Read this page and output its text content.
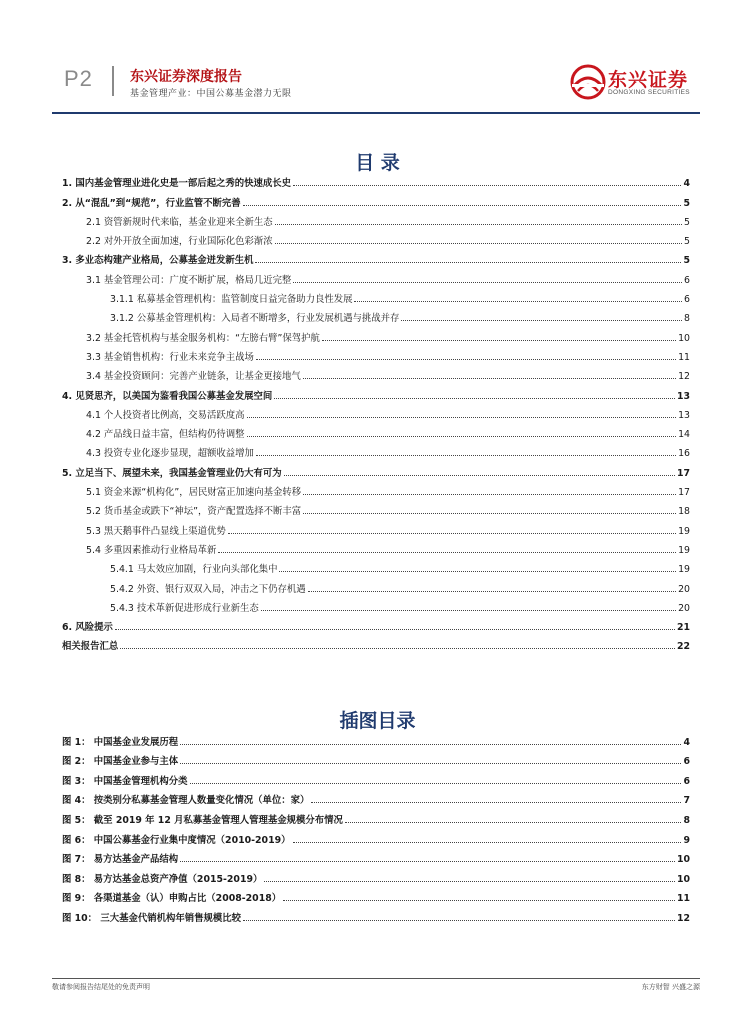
P2	东兴证券深度报告
基金管理产业：中国公募基金潜力无限
东兴证券
DONGXING SECURITIES
目 录
1. 国内基金管理业进化史是一部后起之秀的快速成长史	4
2. 从“混乱”到“规范”，行业监管不断完善	5
2.1 资管新规时代来临，基金业迎来全新生态	5
2.2 对外开放全面加速，行业国际化色彩渐浓	5
3. 多业态构建产业格局，公募基金迸发新生机	5
3.1 基金管理公司：广度不断扩展，格局几近完整	6
3.1.1 私募基金管理机构：监管制度日益完备助力良性发展	6
3.1.2 公募基金管理机构：入局者不断增多，行业发展机遇与挑战并存	8
3.2 基金托管机构与基金服务机构：“左膀右臂”保驾护航	10
3.3 基金销售机构：行业未来竞争主战场	11
3.4 基金投资顾问：完善产业链条，让基金更接地气	12
4. 见贤思齐，以美国为鉴看我国公募基金发展空间	13
4.1 个人投资者比例高，交易活跃度高	13
4.2 产品线日益丰富，但结构仍待调整	14
4.3 投资专业化逐步显现，超额收益增加	16
5. 立足当下、展望未来，我国基金管理业仍大有可为	17
5.1 资金来源“机构化”，居民财富正加速向基金转移	17
5.2 货币基金或跌下“神坛”，资产配置选择不断丰富	18
5.3 黑天鹅事件凸显线上渠道优势	19
5.4 多重因素推动行业格局革新	19
5.4.1 马太效应加剧，行业向头部化集中	19
5.4.2 外资、银行双双入局，冲击之下仍存机遇	20
5.4.3 技术革新促进形成行业新生态	20
6. 风险提示	21
相关报告汇总	22
插图目录
图 1： 中国基金业发展历程	4
图 2： 中国基金业参与主体	6
图 3： 中国基金管理机构分类	6
图 4： 按类别分私募基金管理人数量变化情况（单位：家）	7
图 5： 截至 2019 年 12 月私募基金管理人管理基金规模分布情况	8
图 6： 中国公募基金行业集中度情况（2010-2019）	9
图 7： 易方达基金产品结构	10
图 8： 易方达基金总资产净值（2015-2019）	10
图 9： 各渠道基金（认）申购占比（2008-2018）	11
图 10： 三大基金代销机构年销售规模比较	12
敬请参阅报告结尾处的免责声明	东方财智 兴盛之源
